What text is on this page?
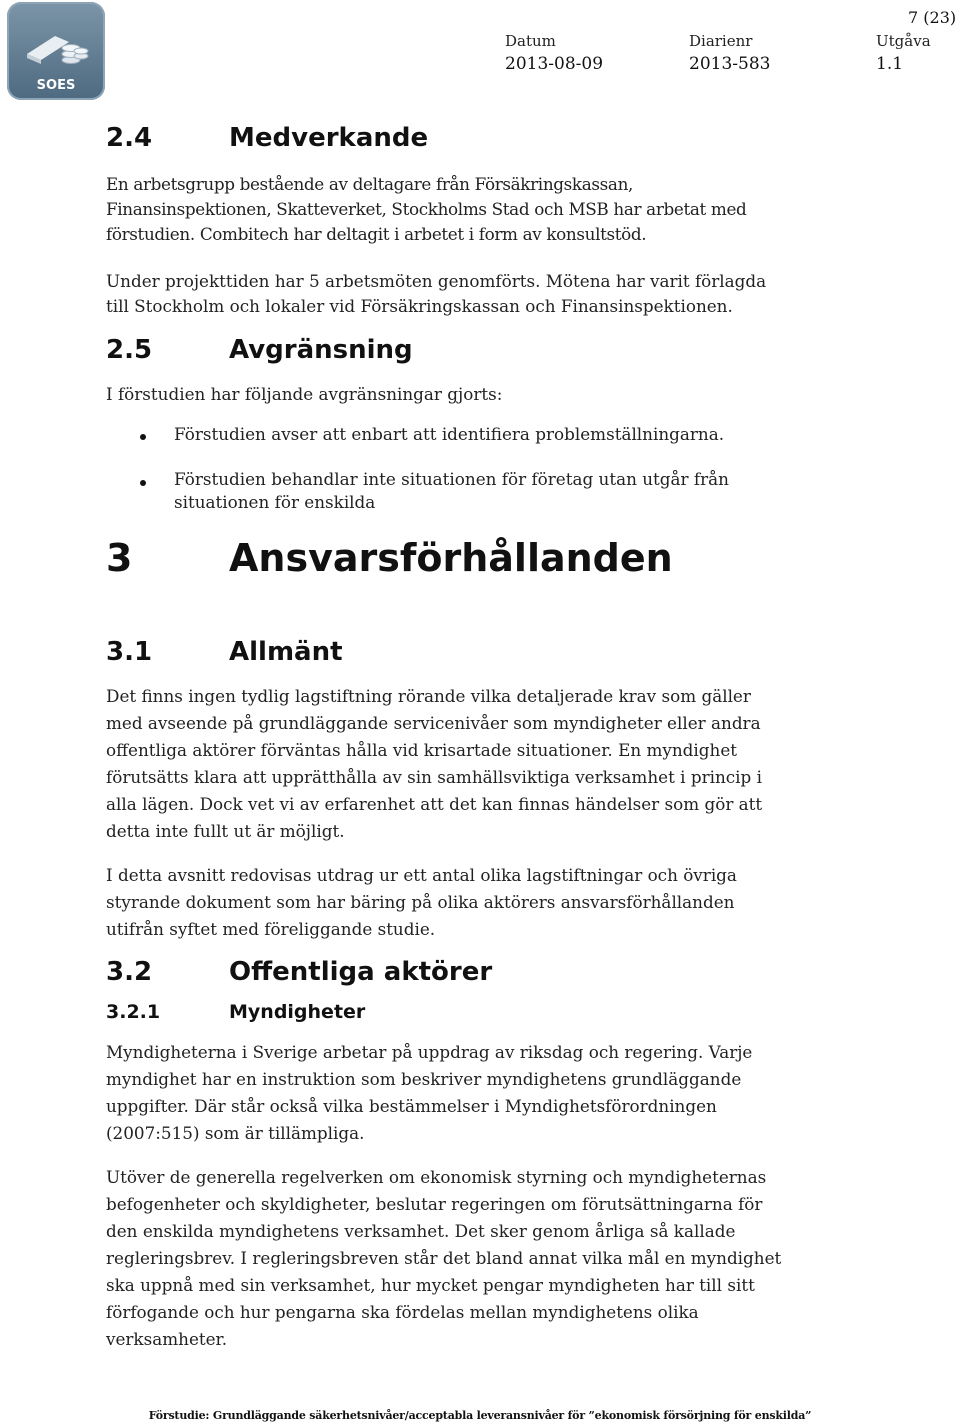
SOES
7 (23)
Datum
2013-08-09
Diarienr
2013-583
Utgåva
1.1
2.4	Medverkande
En arbetsgrupp bestående av deltagare från Försäkringskassan,
Finansinspektionen, Skatteverket, Stockholms Stad och MSB har arbetat med
förstudien. Combitech har deltagit i arbetet i form av konsultstöd.
Under projekttiden har 5 arbetsmöten genomförts. Mötena har varit förlagda
till Stockholm och lokaler vid Försäkringskassan och Finansinspektionen.
2.5	Avgränsning
I förstudien har följande avgränsningar gjorts:
Förstudien avser att enbart att identifiera problemställningarna.
Förstudien behandlar inte situationen för företag utan utgår från
situationen för enskilda
3	Ansvarsförhållanden
3.1	Allmänt
Det finns ingen tydlig lagstiftning rörande vilka detaljerade krav som gäller
med avseende på grundläggande servicenivåer som myndigheter eller andra
offentliga aktörer förväntas hålla vid krisartade situationer. En myndighet
förutsätts klara att upprätthålla av sin samhällsviktiga verksamhet i princip i
alla lägen. Dock vet vi av erfarenhet att det kan finnas händelser som gör att
detta inte fullt ut är möjligt.
I detta avsnitt redovisas utdrag ur ett antal olika lagstiftningar och övriga
styrande dokument som har bäring på olika aktörers ansvarsförhållanden
utifrån syftet med föreliggande studie.
3.2	Offentliga aktörer
3.2.1	Myndigheter
Myndigheterna i Sverige arbetar på uppdrag av riksdag och regering. Varje
myndighet har en instruktion som beskriver myndighetens grundläggande
uppgifter. Där står också vilka bestämmelser i Myndighetsförordningen
(2007:515) som är tillämpliga.
Utöver de generella regelverken om ekonomisk styrning och myndigheternas
befogenheter och skyldigheter, beslutar regeringen om förutsättningarna för
den enskilda myndighetens verksamhet. Det sker genom årliga så kallade
regleringsbrev. I regleringsbreven står det bland annat vilka mål en myndighet
ska uppnå med sin verksamhet, hur mycket pengar myndigheten har till sitt
förfogande och hur pengarna ska fördelas mellan myndighetens olika
verksamheter.
Förstudie: Grundläggande säkerhetsnivåer/acceptabla leveransnivåer för ”ekonomisk försörjning för enskilda”
